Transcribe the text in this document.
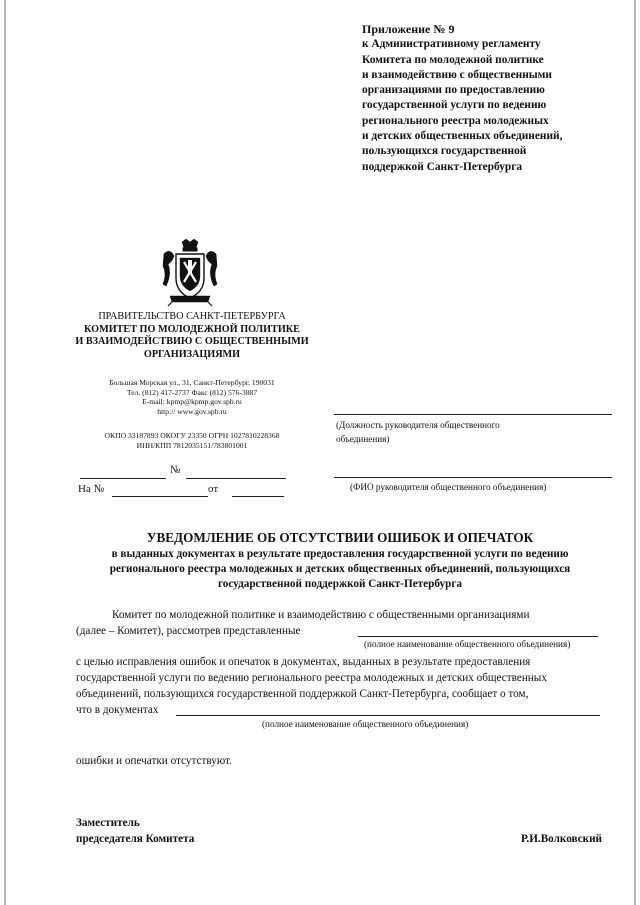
Приложение № 9
к Административному регламенту
Комитета по молодежной политике
и взаимодействию с общественными
организациями по предоставлению
государственной услуги по ведению
регионального реестра молодежных
и детских общественных объединений,
пользующихся государственной
поддержкой Санкт-Петербурга
ПРАВИТЕЛЬСТВО САНКТ-ПЕТЕРБУРГА
КОМИТЕТ ПО МОЛОДЕЖНОЙ ПОЛИТИКЕ
И ВЗАИМОДЕЙСТВИЮ С ОБЩЕСТВЕННЫМИ
ОРГАНИЗАЦИЯМИ
Большая Морская ул., 31, Санкт-Петербург, 190031
Тел. (812) 417-2737 Факс (812) 576-3887
E-mail: kpmp@kpmp.gov.spb.ru
http:// www.gov.spb.ru
ОКПО 33187893 ОКОГУ 23350 ОГРН 1027810228368
ИНН/КПП 7812035151/783801001
№
На №	от
(Должность руководителя общественного
объединения)
(ФИО руководителя общественного объединения)
УВЕДОМЛЕНИЕ ОБ ОТСУТСТВИИ ОШИБОК И ОПЕЧАТОК
в выданных документах в результате предоставления государственной услуги по ведению
регионального реестра молодежных и детских общественных объединений, пользующихся
государственной поддержкой Санкт-Петербурга
Комитет по молодежной политике и взаимодействию с общественными организациями
(далее – Комитет), рассмотрев представленные
(полное наименование общественного объединения)
с целью исправления ошибок и опечаток в документах, выданных в результате предоставления
государственной услуги по ведению регионального реестра молодежных и детских общественных
объединений, пользующихся государственной поддержкой Санкт-Петербурга, сообщает о том,
что в документах
(полное наименование общественного объединения)
ошибки и опечатки отсутствуют.
Заместитель
председателя Комитета	Р.И.Волковский
